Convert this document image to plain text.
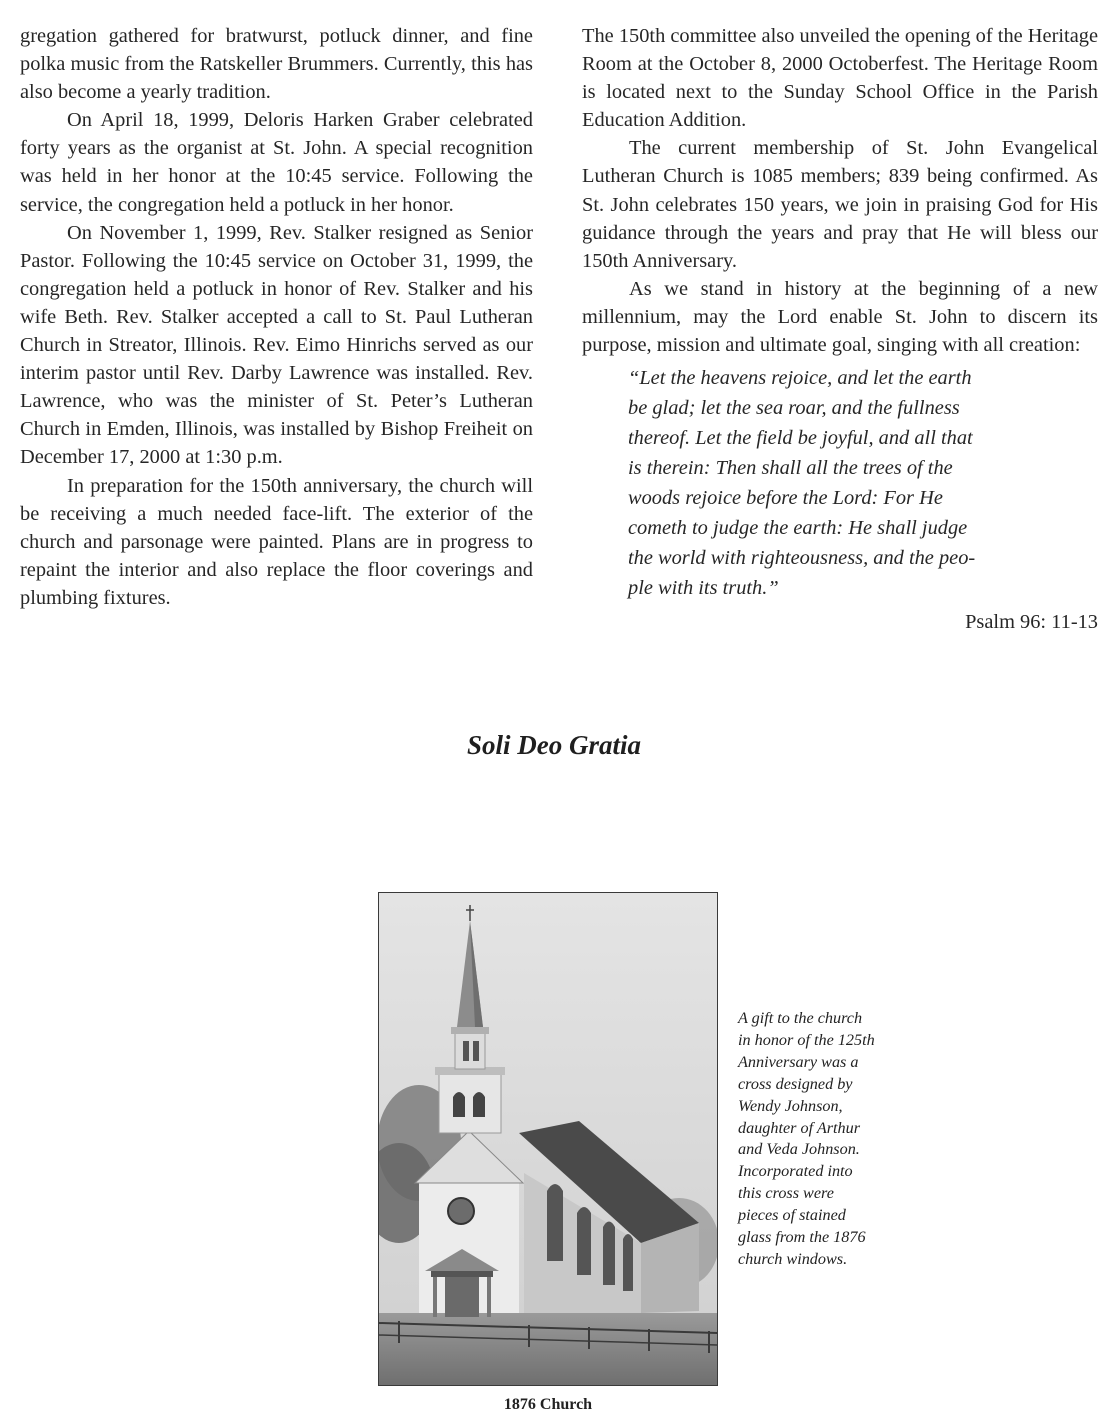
gregation gathered for bratwurst, potluck dinner, and fine polka music from the Ratskeller Brummers. Currently, this has also become a yearly tradition.

On April 18, 1999, Deloris Harken Graber celebrated forty years as the organist at St. John. A special recognition was held in her honor at the 10:45 service. Following the service, the congregation held a potluck in her honor.

On November 1, 1999, Rev. Stalker resigned as Senior Pastor. Following the 10:45 service on October 31, 1999, the congregation held a potluck in honor of Rev. Stalker and his wife Beth. Rev. Stalker accepted a call to St. Paul Lutheran Church in Streator, Illinois. Rev. Eimo Hinrichs served as our interim pastor until Rev. Darby Lawrence was installed. Rev. Lawrence, who was the minister of St. Peter’s Lutheran Church in Emden, Illinois, was installed by Bishop Freiheit on December 17, 2000 at 1:30 p.m.

In preparation for the 150th anniversary, the church will be receiving a much needed face-lift. The exterior of the church and parsonage were painted. Plans are in progress to repaint the interior and also replace the floor coverings and plumbing fixtures.

The 150th committee also unveiled the opening of the Heritage Room at the October 8, 2000 Octoberfest. The Heritage Room is located next to the Sunday School Office in the Parish Education Addition.

The current membership of St. John Evangelical Lutheran Church is 1085 members; 839 being confirmed. As St. John celebrates 150 years, we join in praising God for His guidance through the years and pray that He will bless our 150th Anniversary.

As we stand in history at the beginning of a new millennium, may the Lord enable St. John to discern its purpose, mission and ultimate goal, singing with all creation:

“Let the heavens rejoice, and let the earth
be glad; let the sea roar, and the fullness
thereof. Let the field be joyful, and all that
is therein: Then shall all the trees of the
woods rejoice before the Lord: For He
cometh to judge the earth: He shall judge
the world with righteousness, and the peo-
ple with its truth.”
Psalm 96: 11-13
Soli Deo Gratia
1876 Church
A gift to the church
in honor of the 125th
Anniversary was a
cross designed by
Wendy Johnson,
daughter of Arthur
and Veda Johnson.
Incorporated into
this cross were
pieces of stained
glass from the 1876
church windows.
